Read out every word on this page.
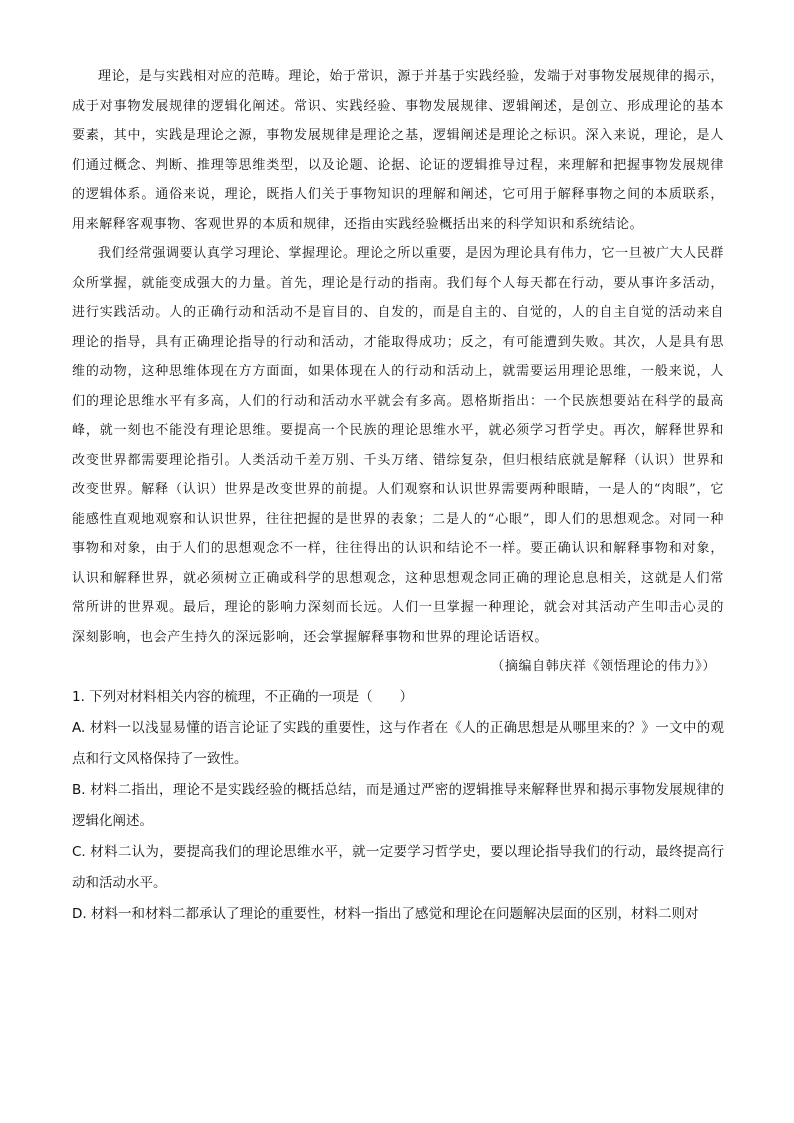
理论，是与实践相对应的范畴。理论，始于常识，源于并基于实践经验，发端于对事物发展规律的揭示，成于对事物发展规律的逻辑化阐述。常识、实践经验、事物发展规律、逻辑阐述，是创立、形成理论的基本要素，其中，实践是理论之源，事物发展规律是理论之基，逻辑阐述是理论之标识。深入来说，理论，是人们通过概念、判断、推理等思维类型，以及论题、论据、论证的逻辑推导过程，来理解和把握事物发展规律的逻辑体系。通俗来说，理论，既指人们关于事物知识的理解和阐述，它可用于解释事物之间的本质联系，用来解释客观事物、客观世界的本质和规律，还指由实践经验概括出来的科学知识和系统结论。

我们经常强调要认真学习理论、掌握理论。理论之所以重要，是因为理论具有伟力，它一旦被广大人民群众所掌握，就能变成强大的力量。首先，理论是行动的指南。我们每个人每天都在行动，要从事许多活动，进行实践活动。人的正确行动和活动不是盲目的、自发的，而是自主的、自觉的，人的自主自觉的活动来自理论的指导，具有正确理论指导的行动和活动，才能取得成功；反之，有可能遭到失败。其次，人是具有思维的动物，这种思维体现在方方面面，如果体现在人的行动和活动上，就需要运用理论思维，一般来说，人们的理论思维水平有多高，人们的行动和活动水平就会有多高。恩格斯指出：一个民族想要站在科学的最高峰，就一刻也不能没有理论思维。要提高一个民族的理论思维水平，就必须学习哲学史。再次，解释世界和改变世界都需要理论指引。人类活动千差万别、千头万绪、错综复杂，但归根结底就是解释（认识）世界和改变世界。解释（认识）世界是改变世界的前提。人们观察和认识世界需要两种眼睛，一是人的“肉眼”，它能感性直观地观察和认识世界，往往把握的是世界的表象；二是人的“心眼”，即人们的思想观念。对同一种事物和对象，由于人们的思想观念不一样，往往得出的认识和结论不一样。要正确认识和解释事物和对象，认识和解释世界，就必须树立正确或科学的思想观念，这种思想观念同正确的理论息息相关，这就是人们常常所讲的世界观。最后，理论的影响力深刻而长远。人们一旦掌握一种理论，就会对其活动产生叩击心灵的深刻影响，也会产生持久的深远影响，还会掌握解释事物和世界的理论话语权。

（摘编自韩庆祥《领悟理论的伟力》）

1. 下列对材料相关内容的梳理，不正确的一项是（　　）

A. 材料一以浅显易懂的语言论证了实践的重要性，这与作者在《人的正确思想是从哪里来的？》一文中的观点和行文风格保持了一致性。

B. 材料二指出，理论不是实践经验的概括总结，而是通过严密的逻辑推导来解释世界和揭示事物发展规律的逻辑化阐述。

C. 材料二认为，要提高我们的理论思维水平，就一定要学习哲学史，要以理论指导我们的行动，最终提高行动和活动水平。

D. 材料一和材料二都承认了理论的重要性，材料一指出了感觉和理论在问题解决层面的区别，材料二则对
